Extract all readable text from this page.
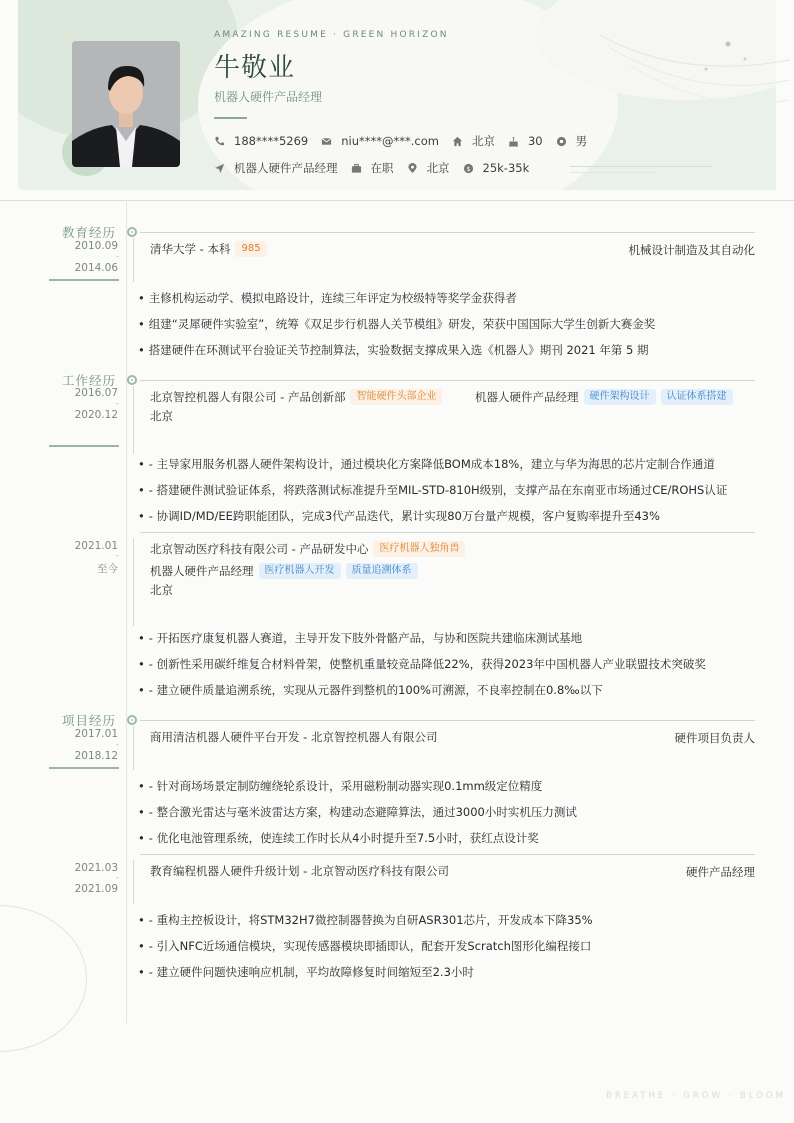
AMAZING RESUME · GREEN HORIZON
牛敬业
机器人硬件产品经理
188****5269	niu****@***.com	北京	30	男
机器人硬件产品经理	在职	北京 $ 25k-35k
教育经历
2010.09
-
2014.06
清华大学 - 本科	985	机械设计制造及其自动化
• 主修机构运动学、模拟电路设计，连续三年评定为校级特等奖学金获得者
• 组建“灵犀硬件实验室”，统筹《双足步行机器人关节模组》研发，荣获中国国际大学生创新大赛金奖
• 搭建硬件在环测试平台验证关节控制算法，实验数据支撑成果入选《机器人》期刊 2021 年第 5 期
工作经历
2016.07
-
2020.12
北京智控机器人有限公司 - 产品创新部	智能硬件头部企业	机器人硬件产品经理	硬件架构设计	认证体系搭建
北京
• - 主导家用服务机器人硬件架构设计，通过模块化方案降低BOM成本18%，建立与华为海思的芯片定制合作通道
• - 搭建硬件测试验证体系，将跌落测试标准提升至MIL-STD-810H级别，支撑产品在东南亚市场通过CE/ROHS认证
• - 协调ID/MD/EE跨职能团队，完成3代产品迭代，累计实现80万台量产规模，客户复购率提升至43%
2021.01
-
至今
北京智动医疗科技有限公司 - 产品研发中心	医疗机器人独角兽
机器人硬件产品经理	医疗机器人开发	质量追溯体系
北京
• - 开拓医疗康复机器人赛道，主导开发下肢外骨骼产品，与协和医院共建临床测试基地
• - 创新性采用碳纤维复合材料骨架，使整机重量较竞品降低22%，获得2023年中国机器人产业联盟技术突破奖
• - 建立硬件质量追溯系统，实现从元器件到整机的100%可溯源，不良率控制在0.8‰以下
项目经历
2017.01
-
2018.12
商用清洁机器人硬件平台开发 - 北京智控机器人有限公司	硬件项目负责人
• - 针对商场场景定制防缠绕轮系设计，采用磁粉制动器实现0.1mm级定位精度
• - 整合激光雷达与毫米波雷达方案，构建动态避障算法，通过3000小时实机压力测试
• - 优化电池管理系统，使连续工作时长从4小时提升至7.5小时，获红点设计奖
2021.03
-
2021.09
教育编程机器人硬件升级计划 - 北京智动医疗科技有限公司	硬件产品经理
• - 重构主控板设计，将STM32H7微控制器替换为自研ASR301芯片，开发成本下降35%
• - 引入NFC近场通信模块，实现传感器模块即插即认，配套开发Scratch图形化编程接口
• - 建立硬件问题快速响应机制，平均故障修复时间缩短至2.3小时
BREATHE · GROW · BLOOM
